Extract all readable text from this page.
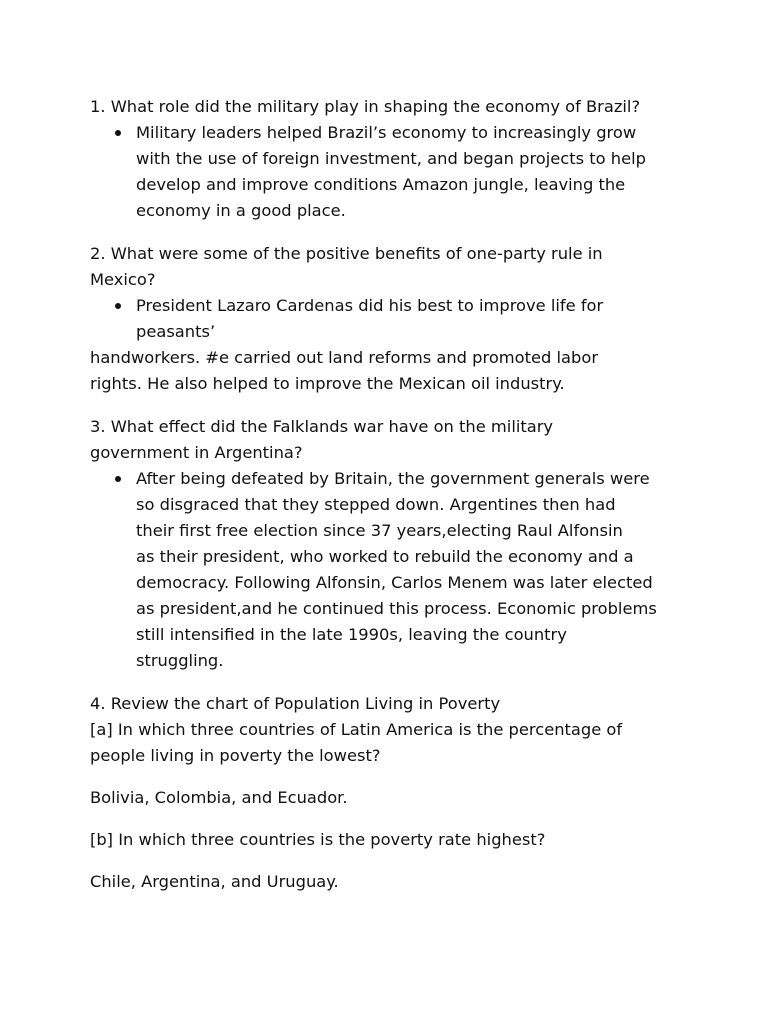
1. What role did the military play in shaping the economy of Brazil?

Military leaders helped Brazil’s economy to increasingly grow
with the use of foreign investment, and began projects to help
develop and improve conditions Amazon jungle, leaving the
economy in a good place.

2. What were some of the positive benefits of one-party rule in

Mexico?

President Lazaro Cardenas did his best to improve life for
peasants’

handworkers. #e carried out land reforms and promoted labor

rights. He also helped to improve the Mexican oil industry.

3. What effect did the Falklands war have on the military

government in Argentina?

After being defeated by Britain, the government generals were
so disgraced that they stepped down. Argentines then had
their first free election since 37 years,electing Raul Alfonsin
as their president, who worked to rebuild the economy and a
democracy. Following Alfonsin, Carlos Menem was later elected
as president,and he continued this process. Economic problems
still intensified in the late 1990s, leaving the country
struggling.

4. Review the chart of Population Living in Poverty

[a] In which three countries of Latin America is the percentage of

people living in poverty the lowest?

Bolivia, Colombia, and Ecuador.

[b] In which three countries is the poverty rate highest?

Chile, Argentina, and Uruguay.
